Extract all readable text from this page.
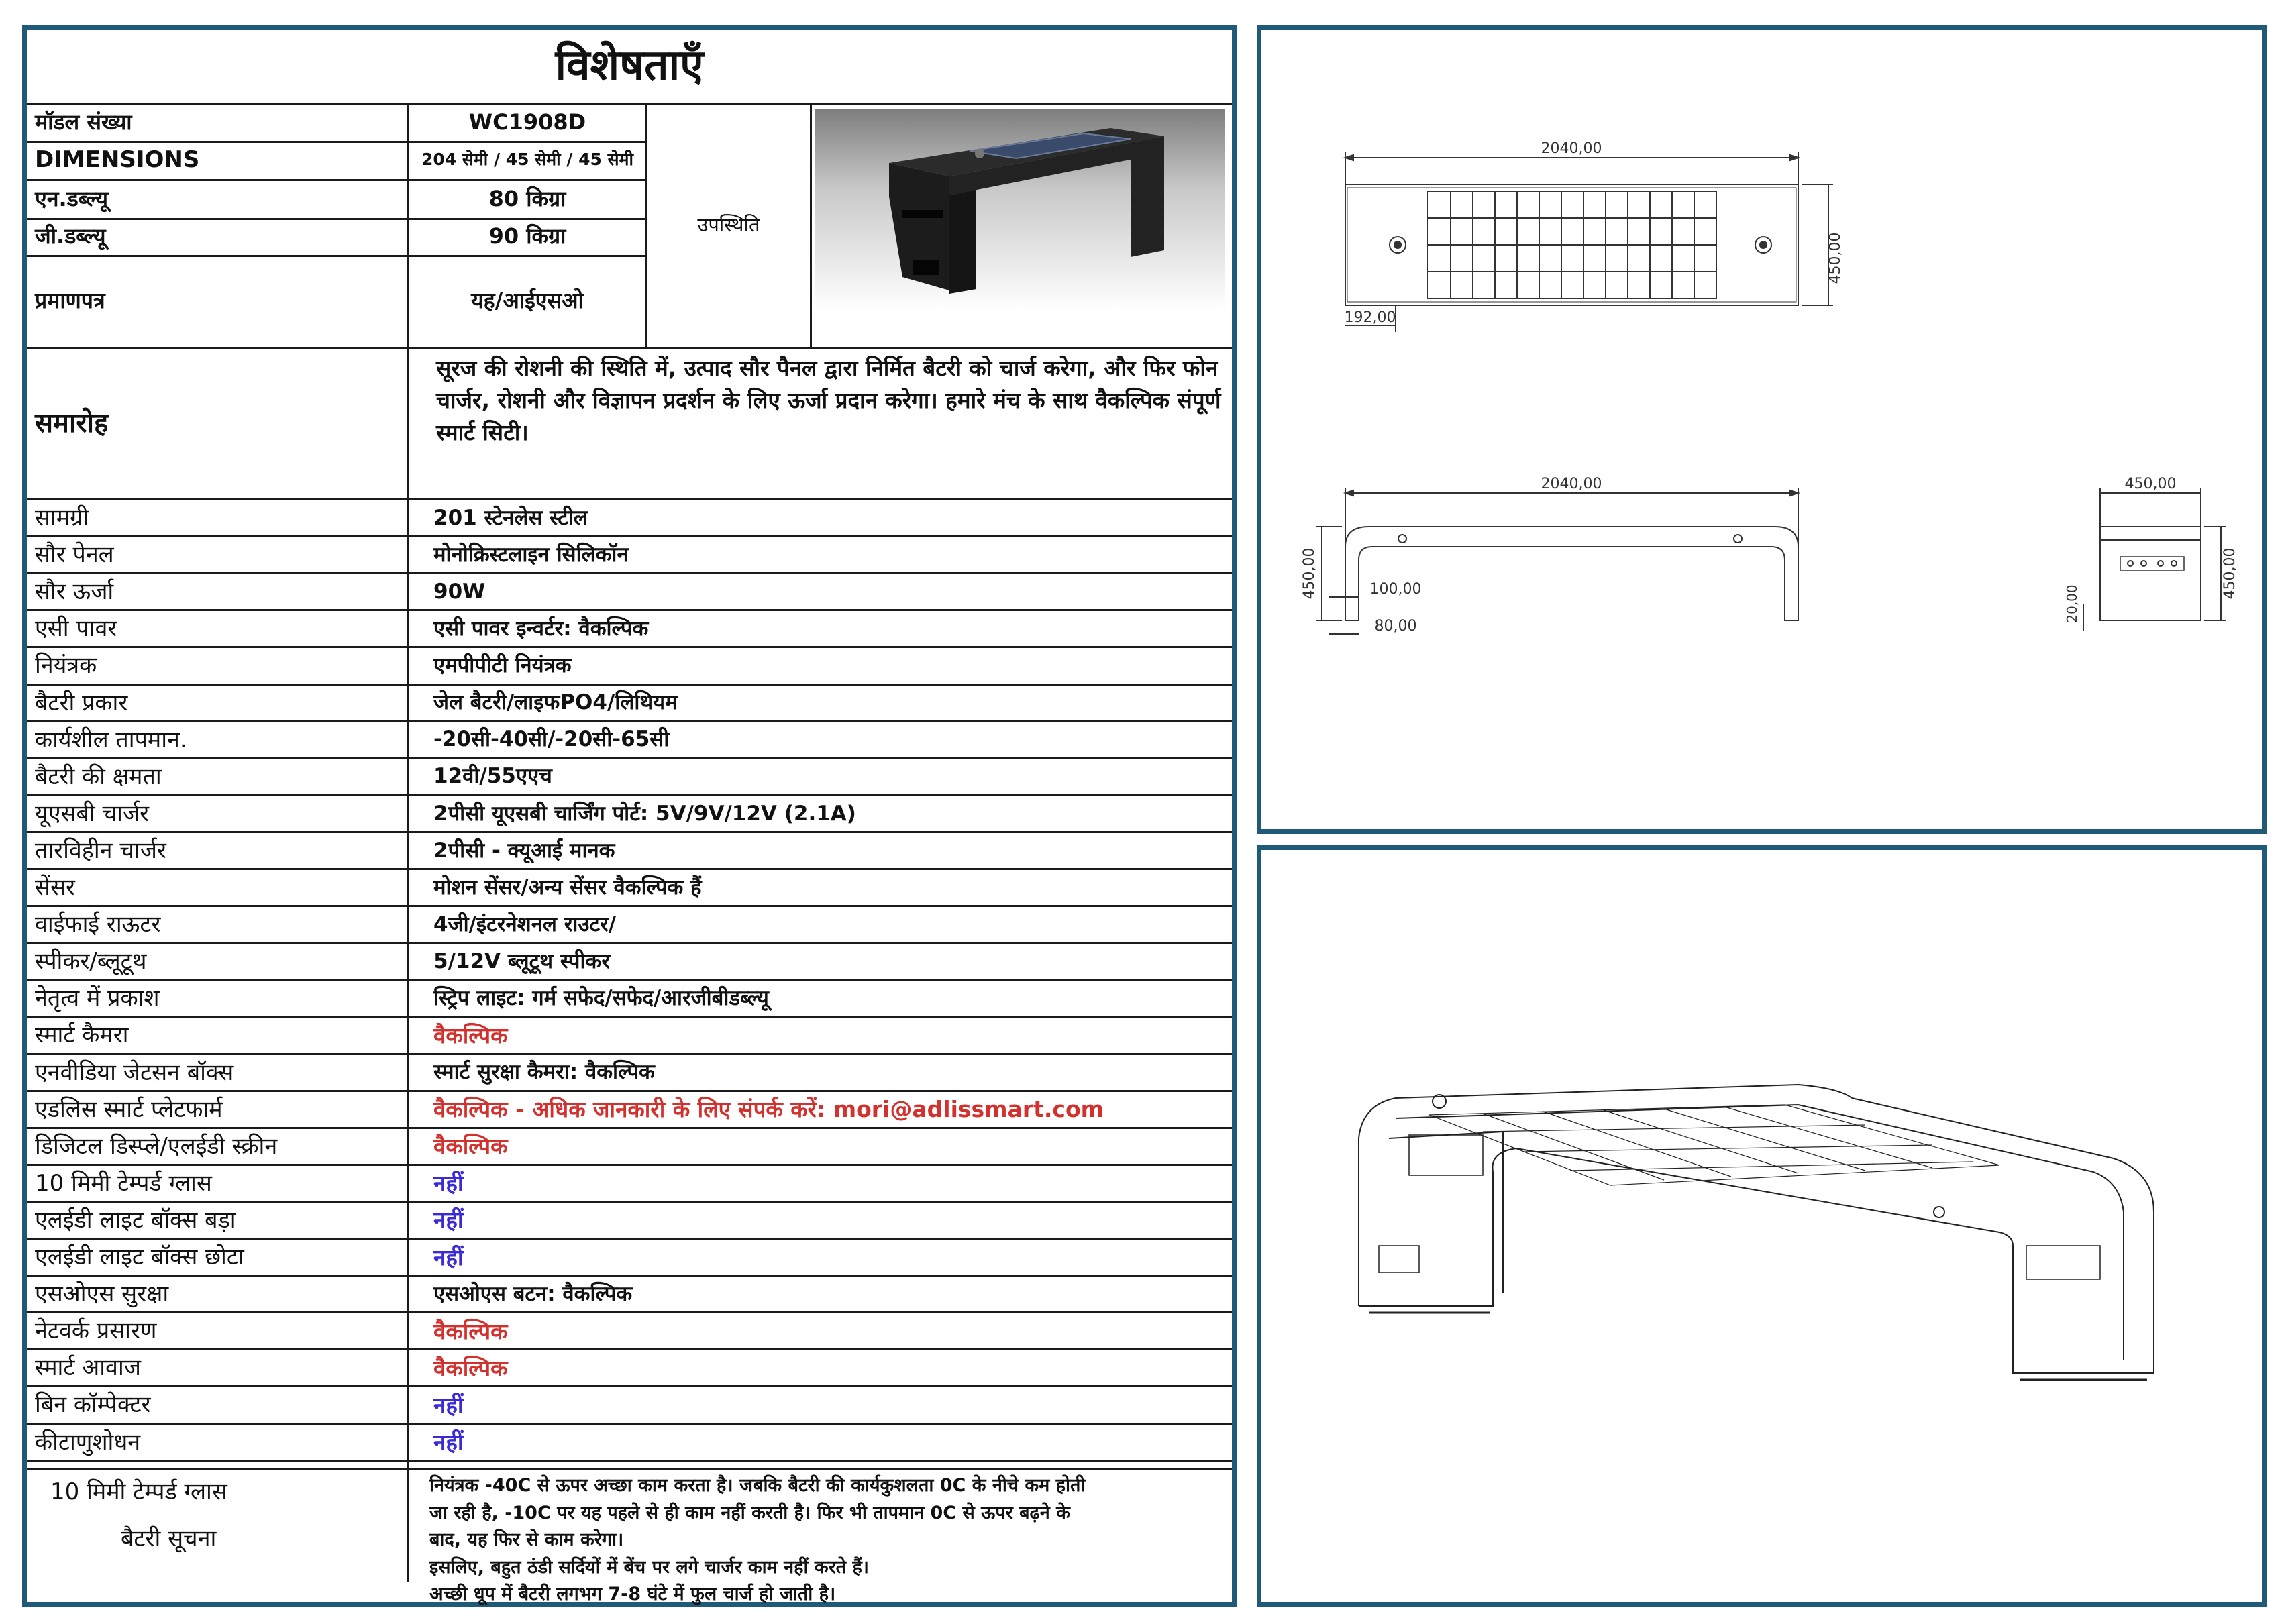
विशेषताएँ
मॉडल संख्या	WC1908D
DIMENSIONS	204 सेमी / 45 सेमी / 45 सेमी
एन.डब्ल्यू	80 किग्रा
जी.डब्ल्यू	90 किग्रा
प्रमाणपत्र	यह/आईएसओ
उपस्थिति
समारोह
सूरज की रोशनी की स्थिति में, उत्पाद सौर पैनल द्वारा निर्मित बैटरी को चार्ज करेगा, और फिर फोन चार्जर, रोशनी और विज्ञापन प्रदर्शन के लिए ऊर्जा प्रदान करेगा। हमारे मंच के साथ वैकल्पिक संपूर्ण स्मार्ट सिटी।
सामग्री	201 स्टेनलेस स्टील
सौर पेनल	मोनोक्रिस्टलाइन सिलिकॉन
सौर ऊर्जा	90W
एसी पावर	एसी पावर इन्वर्टर: वैकल्पिक
नियंत्रक	एमपीपीटी नियंत्रक
बैटरी प्रकार	जेल बैटरी/लाइफPO4/लिथियम
कार्यशील तापमान.	-20सी-40सी/-20सी-65सी
बैटरी की क्षमता	12वी/55एएच
यूएसबी चार्जर	2पीसी यूएसबी चार्जिंग पोर्ट: 5V/9V/12V (2.1A)
तारविहीन चार्जर	2पीसी - क्यूआई मानक
सेंसर	मोशन सेंसर/अन्य सेंसर वैकल्पिक हैं
वाईफाई राऊटर	4जी/इंटरनेशनल राउटर/
स्पीकर/ब्लूटूथ	5/12V ब्लूटूथ स्पीकर
नेतृत्व में प्रकाश	स्ट्रिप लाइट: गर्म सफेद/सफेद/आरजीबीडब्ल्यू
स्मार्ट कैमरा	वैकल्पिक
एनवीडिया जेटसन बॉक्स	स्मार्ट सुरक्षा कैमरा: वैकल्पिक
एडलिस स्मार्ट प्लेटफार्म	वैकल्पिक - अधिक जानकारी के लिए संपर्क करें: mori@adlissmart.com
डिजिटल डिस्प्ले/एलईडी स्क्रीन	वैकल्पिक
10 मिमी टेम्पर्ड ग्लास	नहीं
एलईडी लाइट बॉक्स बड़ा	नहीं
एलईडी लाइट बॉक्स छोटा	नहीं
एसओएस सुरक्षा	एसओएस बटन: वैकल्पिक
नेटवर्क प्रसारण	वैकल्पिक
स्मार्ट आवाज	वैकल्पिक
बिन कॉम्पेक्टर	नहीं
कीटाणुशोधन	नहीं
10 मिमी टेम्पर्ड ग्लास
बैटरी सूचना
नियंत्रक -40C से ऊपर अच्छा काम करता है। जबकि बैटरी की कार्यकुशलता 0C के नीचे कम होती
जा रही है, -10C पर यह पहले से ही काम नहीं करती है। फिर भी तापमान 0C से ऊपर बढ़ने के
बाद, यह फिर से काम करेगा।
इसलिए, बहुत ठंडी सर्दियों में बेंच पर लगे चार्जर काम नहीं करते हैं।
अच्छी धूप में बैटरी लगभग 7-8 घंटे में फुल चार्ज हो जाती है।
2040,00
450,00
192,00
2040,00
450,00	100,00
80,00
450,00
450,00
20,00
